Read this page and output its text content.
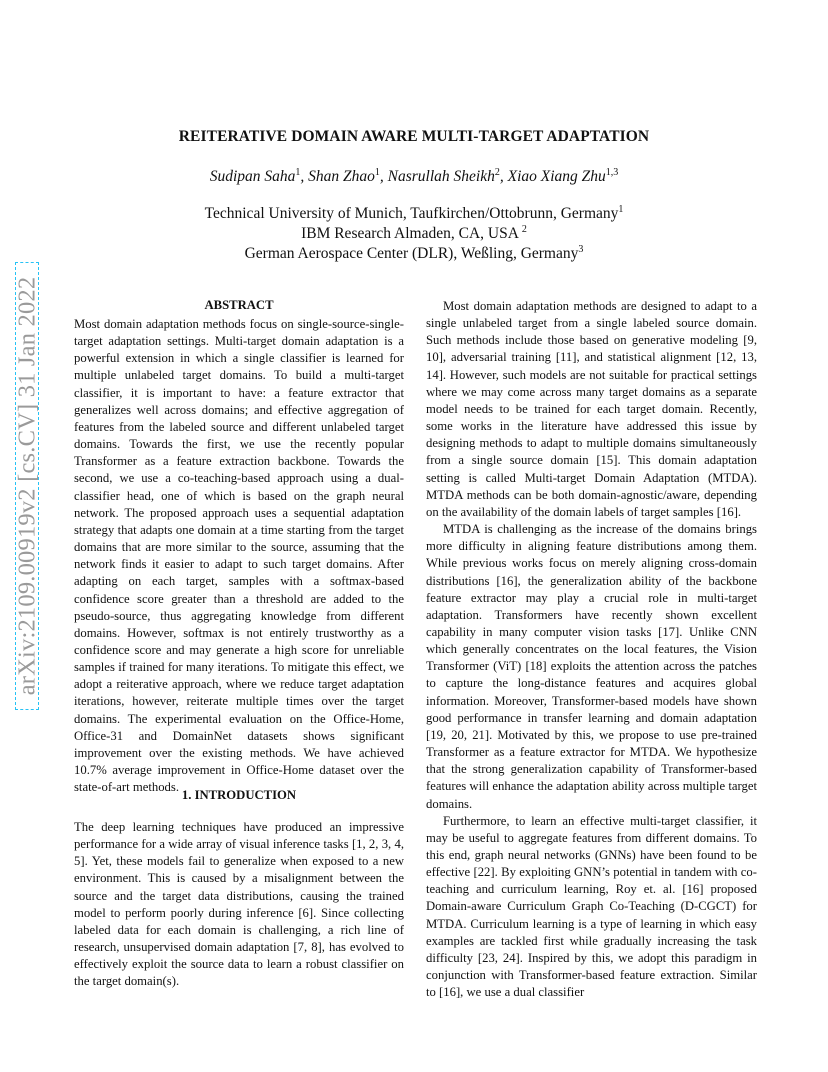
arXiv:2109.00919v2 [cs.CV] 31 Jan 2022
REITERATIVE DOMAIN AWARE MULTI-TARGET ADAPTATION
Sudipan Saha$^1$, Shan Zhao$^1$, Nasrullah Sheikh$^2$, Xiao Xiang Zhu$^{1,3}$
Technical University of Munich, Taufkirchen/Ottobrunn, Germany$^1$
IBM Research Almaden, CA, USA $^2$
German Aerospace Center (DLR), Weßling, Germany$^3$
ABSTRACT

Most domain adaptation methods focus on single-source-single-target adaptation settings. Multi-target domain adaptation is a powerful extension in which a single classifier is learned for multiple unlabeled target domains. To build a multi-target classifier, it is important to have: a feature extractor that generalizes well across domains; and effective aggregation of features from the labeled source and different unlabeled target domains. Towards the first, we use the recently popular Transformer as a feature extraction backbone. Towards the second, we use a co-teaching-based approach using a dual-classifier head, one of which is based on the graph neural network. The proposed approach uses a sequential adaptation strategy that adapts one domain at a time starting from the target domains that are more similar to the source, assuming that the network finds it easier to adapt to such target domains. After adapting on each target, samples with a softmax-based confidence score greater than a threshold are added to the pseudo-source, thus aggregating knowledge from different domains. However, softmax is not entirely trustworthy as a confidence score and may generate a high score for unreliable samples if trained for many iterations. To mitigate this effect, we adopt a reiterative approach, where we reduce target adaptation iterations, however, reiterate multiple times over the target domains. The experimental evaluation on the Office-Home, Office-31 and DomainNet datasets shows significant improvement over the existing methods. We have achieved 10.7% average improvement in Office-Home dataset over the state-of-art methods.

1. INTRODUCTION

The deep learning techniques have produced an impressive performance for a wide array of visual inference tasks [1, 2, 3, 4, 5]. Yet, these models fail to generalize when exposed to a new environment. This is caused by a misalignment between the source and the target data distributions, causing the trained model to perform poorly during inference [6]. Since collecting labeled data for each domain is challenging, a rich line of research, unsupervised domain adaptation [7, 8], has evolved to effectively exploit the source data to learn a robust classifier on the target domain(s).

Most domain adaptation methods are designed to adapt to a single unlabeled target from a single labeled source domain. Such methods include those based on generative modeling [9, 10], adversarial training [11], and statistical alignment [12, 13, 14]. However, such models are not suitable for practical settings where we may come across many target domains as a separate model needs to be trained for each target domain. Recently, some works in the literature have addressed this issue by designing methods to adapt to multiple domains simultaneously from a single source domain [15]. This domain adaptation setting is called Multi-target Domain Adaptation (MTDA). MTDA methods can be both domain-agnostic/aware, depending on the availability of the domain labels of target samples [16].

MTDA is challenging as the increase of the domains brings more difficulty in aligning feature distributions among them. While previous works focus on merely aligning cross-domain distributions [16], the generalization ability of the backbone feature extractor may play a crucial role in multi-target adaptation. Transformers have recently shown excellent capability in many computer vision tasks [17]. Unlike CNN which generally concentrates on the local features, the Vision Transformer (ViT) [18] exploits the attention across the patches to capture the long-distance features and acquires global information. Moreover, Transformer-based models have shown good performance in transfer learning and domain adaptation [19, 20, 21]. Motivated by this, we propose to use pre-trained Transformer as a feature extractor for MTDA. We hypothesize that the strong generalization capability of Transformer-based features will enhance the adaptation ability across multiple target domains.

Furthermore, to learn an effective multi-target classifier, it may be useful to aggregate features from different domains. To this end, graph neural networks (GNNs) have been found to be effective [22]. By exploiting GNN’s potential in tandem with co-teaching and curriculum learning, Roy et. al. [16] proposed Domain-aware Curriculum Graph Co-Teaching (D-CGCT) for MTDA. Curriculum learning is a type of learning in which easy examples are tackled first while gradually increasing the task difficulty [23, 24]. Inspired by this, we adopt this paradigm in conjunction with Transformer-based feature extraction. Similar to [16], we use a dual classifier
